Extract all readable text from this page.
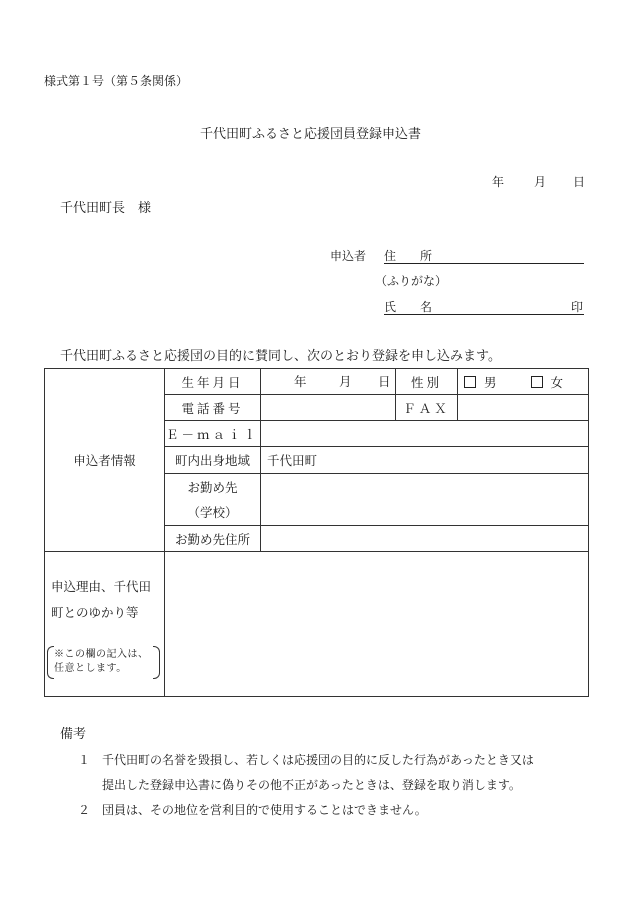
様式第１号（第５条関係）
千代田町ふるさと応援団員登録申込書
年 月 日
千代田町長　様
申込者 住　　所
（ふりがな）
氏　　名	印
千代田町ふるさと応援団の目的に賛同し、次のとおり登録を申し込みます。
申込者情報	生年月日	年 月 日	性別	男 女
	電話番号		ＦＡＸ	
	Ｅ－ｍａｉｌ			
	町内出身地域	千代田町		
	お勤め先			
	（学校）			
	お勤め先住所			

申込理由、千代田町とのゆかり等
※この欄の記入は、任意とします。				

備考
１ 千代田町の名誉を毀損し、若しくは応援団の目的に反した行為があったとき又は
提出した登録申込書に偽りその他不正があったときは、登録を取り消します。
２ 団員は、その地位を営利目的で使用することはできません。
